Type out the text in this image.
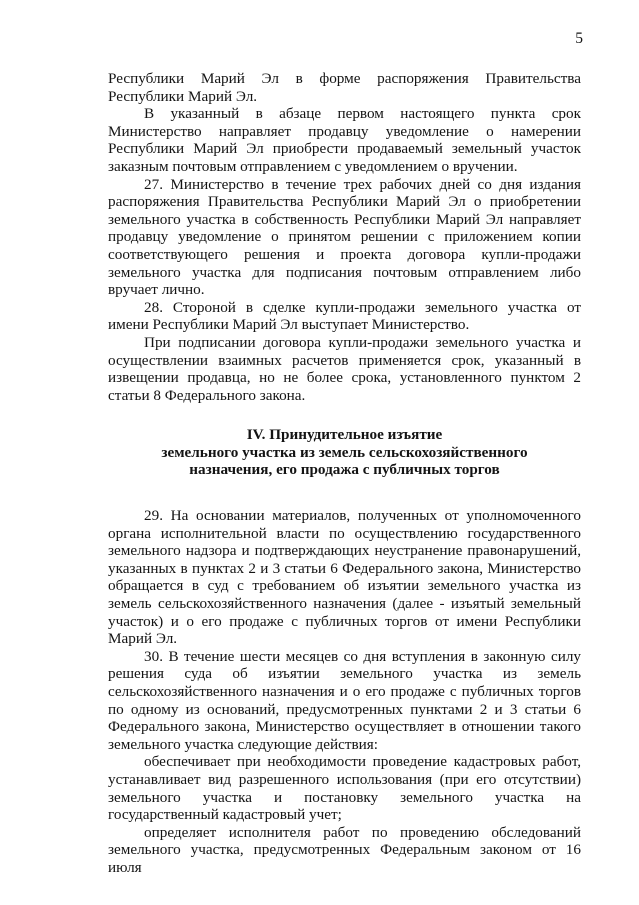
5

Республики Марий Эл в форме распоряжения Правительства Республики Марий Эл.

В указанный в абзаце первом настоящего пункта срок Министерство направляет продавцу уведомление о намерении Республики Марий Эл приобрести продаваемый земельный участок заказным почтовым отправлением с уведомлением о вручении.

27. Министерство в течение трех рабочих дней со дня издания распоряжения Правительства Республики Марий Эл о приобретении земельного участка в собственность Республики Марий Эл направляет продавцу уведомление о принятом решении с приложением копии соответствующего решения и проекта договора купли-продажи земельного участка для подписания почтовым отправлением либо вручает лично.

28. Стороной в сделке купли-продажи земельного участка от имени Республики Марий Эл выступает Министерство.

При подписании договора купли-продажи земельного участка и осуществлении взаимных расчетов применяется срок, указанный в извещении продавца, но не более срока, установленного пунктом 2 статьи 8 Федерального закона.

IV. Принудительное изъятие
земельного участка из земель сельскохозяйственного
назначения, его продажа с публичных торгов

29. На основании материалов, полученных от уполномоченного органа исполнительной власти по осуществлению государственного земельного надзора и подтверждающих неустранение правонарушений, указанных в пунктах 2 и 3 статьи 6 Федерального закона, Министерство обращается в суд с требованием об изъятии земельного участка из земель сельскохозяйственного назначения (далее - изъятый земельный участок) и о его продаже с публичных торгов от имени Республики Марий Эл.

30. В течение шести месяцев со дня вступления в законную силу решения суда об изъятии земельного участка из земель сельскохозяйственного назначения и о его продаже с публичных торгов по одному из оснований, предусмотренных пунктами 2 и 3 статьи 6 Федерального закона, Министерство осуществляет в отношении такого земельного участка следующие действия:

обеспечивает при необходимости проведение кадастровых работ, устанавливает вид разрешенного использования (при его отсутствии) земельного участка и постановку земельного участка на государственный кадастровый учет;

определяет исполнителя работ по проведению обследований земельного участка, предусмотренных Федеральным законом от 16 июля
